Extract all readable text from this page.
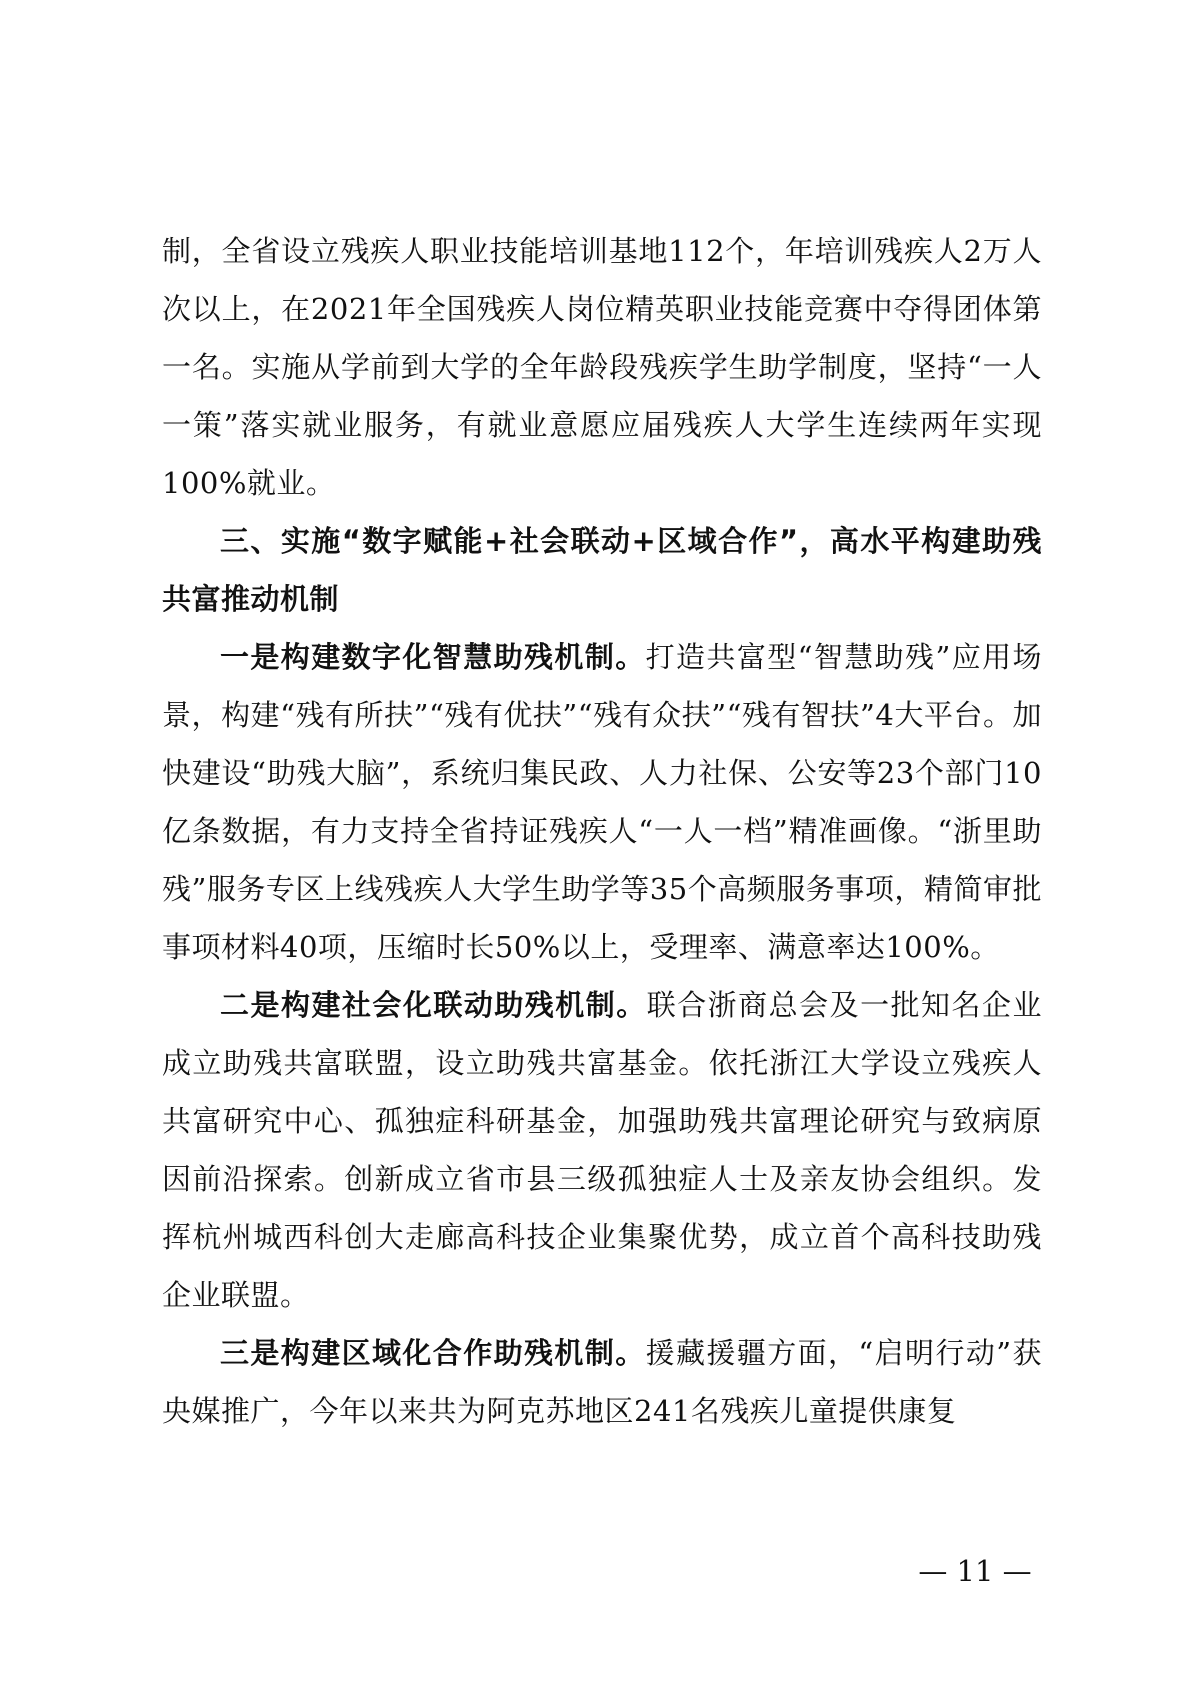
制，全省设立残疾人职业技能培训基地112个，年培训残疾人2万人次以上，在2021年全国残疾人岗位精英职业技能竞赛中夺得团体第一名。实施从学前到大学的全年龄段残疾学生助学制度，坚持“一人一策”落实就业服务，有就业意愿应届残疾人大学生连续两年实现100%就业。

三、实施“数字赋能+社会联动+区域合作”，高水平构建助残共富推动机制

一是构建数字化智慧助残机制。打造共富型“智慧助残”应用场景，构建“残有所扶”“残有优扶”“残有众扶”“残有智扶”4大平台。加快建设“助残大脑”，系统归集民政、人力社保、公安等23个部门10亿条数据，有力支持全省持证残疾人“一人一档”精准画像。“浙里助残”服务专区上线残疾人大学生助学等35个高频服务事项，精简审批事项材料40项，压缩时长50%以上，受理率、满意率达100%。

二是构建社会化联动助残机制。联合浙商总会及一批知名企业成立助残共富联盟，设立助残共富基金。依托浙江大学设立残疾人共富研究中心、孤独症科研基金，加强助残共富理论研究与致病原因前沿探索。创新成立省市县三级孤独症人士及亲友协会组织。发挥杭州城西科创大走廊高科技企业集聚优势，成立首个高科技助残企业联盟。

三是构建区域化合作助残机制。援藏援疆方面，“启明行动”获央媒推广，今年以来共为阿克苏地区241名残疾儿童提供康复

— 11 —
